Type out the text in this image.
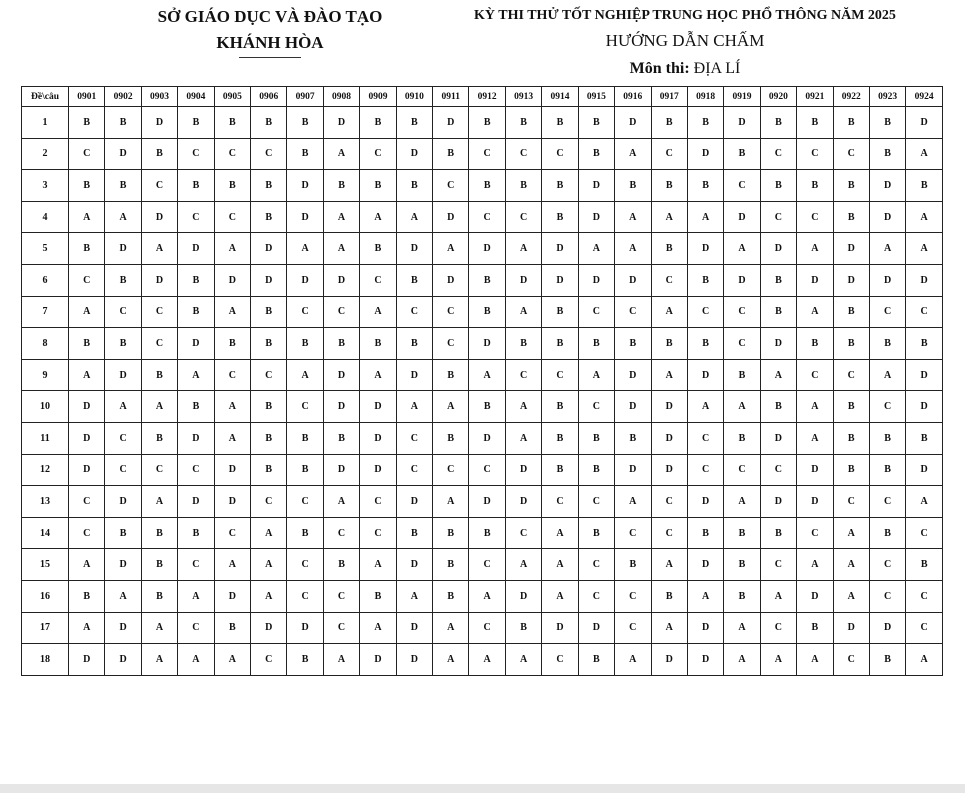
SỞ GIÁO DỤC VÀ ĐÀO TẠO
KHÁNH HÒA
KỲ THI THỬ TỐT NGHIỆP TRUNG HỌC PHỔ THÔNG NĂM 2025
HƯỚNG DẪN CHẤM
Môn thi: ĐỊA LÍ
Đề\câu	0901	0902	0903	0904	0905	0906	0907	0908	0909	0910	0911	0912	0913	0914	0915	0916	0917	0918	0919	0920	0921	0922	0923	0924
1	B	B	D	B	B	B	B	D	B	B	D	B	B	B	B	D	B	B	D	B	B	B	B	D
2	C	D	B	C	C	C	B	A	C	D	B	C	C	C	B	A	C	D	B	C	C	C	B	A
3	B	B	C	B	B	B	D	B	B	B	C	B	B	B	D	B	B	B	C	B	B	B	D	B
4	A	A	D	C	C	B	D	A	A	A	D	C	C	B	D	A	A	A	D	C	C	B	D	A
5	B	D	A	D	A	D	A	A	B	D	A	D	A	D	A	A	B	D	A	D	A	D	A	A
6	C	B	D	B	D	D	D	D	C	B	D	B	D	D	D	D	C	B	D	B	D	D	D	D
7	A	C	C	B	A	B	C	C	A	C	C	B	A	B	C	C	A	C	C	B	A	B	C	C
8	B	B	C	D	B	B	B	B	B	B	C	D	B	B	B	B	B	B	C	D	B	B	B	B
9	A	D	B	A	C	C	A	D	A	D	B	A	C	C	A	D	A	D	B	A	C	C	A	D
10	D	A	A	B	A	B	C	D	D	A	A	B	A	B	C	D	D	A	A	B	A	B	C	D
11	D	C	B	D	A	B	B	B	D	C	B	D	A	B	B	B	D	C	B	D	A	B	B	B
12	D	C	C	C	D	B	B	D	D	C	C	C	D	B	B	D	D	C	C	C	D	B	B	D
13	C	D	A	D	D	C	C	A	C	D	A	D	D	C	C	A	C	D	A	D	D	C	C	A
14	C	B	B	B	C	A	B	C	C	B	B	B	C	A	B	C	C	B	B	B	C	A	B	C
15	A	D	B	C	A	A	C	B	A	D	B	C	A	A	C	B	A	D	B	C	A	A	C	B
16	B	A	B	A	D	A	C	C	B	A	B	A	D	A	C	C	B	A	B	A	D	A	C	C
17	A	D	A	C	B	D	D	C	A	D	A	C	B	D	D	C	A	D	A	C	B	D	D	C
18	D	D	A	A	A	C	B	A	D	D	A	A	A	C	B	A	D	D	A	A	A	C	B	A
